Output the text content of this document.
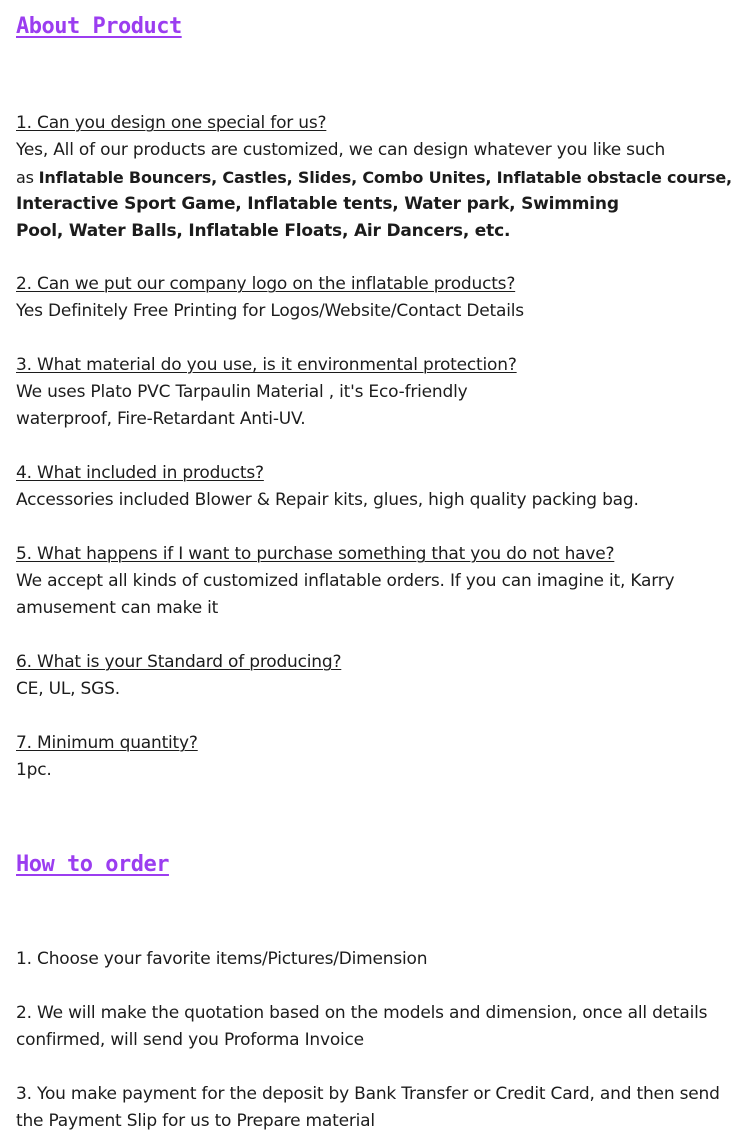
About Product
1. Can you design one special for us?
Yes, All of our products are customized, we can design whatever you like such
as Inflatable Bouncers, Castles, Slides, Combo Unites, Inflatable obstacle course,
Interactive Sport Game, Inflatable tents, Water park, Swimming
Pool, Water Balls, Inflatable Floats, Air Dancers, etc.
2. Can we put our company logo on the inflatable products?
Yes Definitely Free Printing for Logos/Website/Contact Details
3. What material do you use, is it environmental protection?
We uses Plato PVC Tarpaulin Material , it's Eco-friendly
waterproof, Fire-Retardant Anti-UV.
4. What included in products?
Accessories included Blower & Repair kits, glues, high quality packing bag.
5. What happens if I want to purchase something that you do not have?
We accept all kinds of customized inflatable orders. If you can imagine it, Karry
amusement can make it
6. What is your Standard of producing?
CE, UL, SGS.
7. Minimum quantity?
1pc.
How to order
1. Choose your favorite items/Pictures/Dimension
2. We will make the quotation based on the models and dimension, once all details
confirmed, will send you Proforma Invoice
3. You make payment for the deposit by Bank Transfer or Credit Card, and then send
the Payment Slip for us to Prepare material
